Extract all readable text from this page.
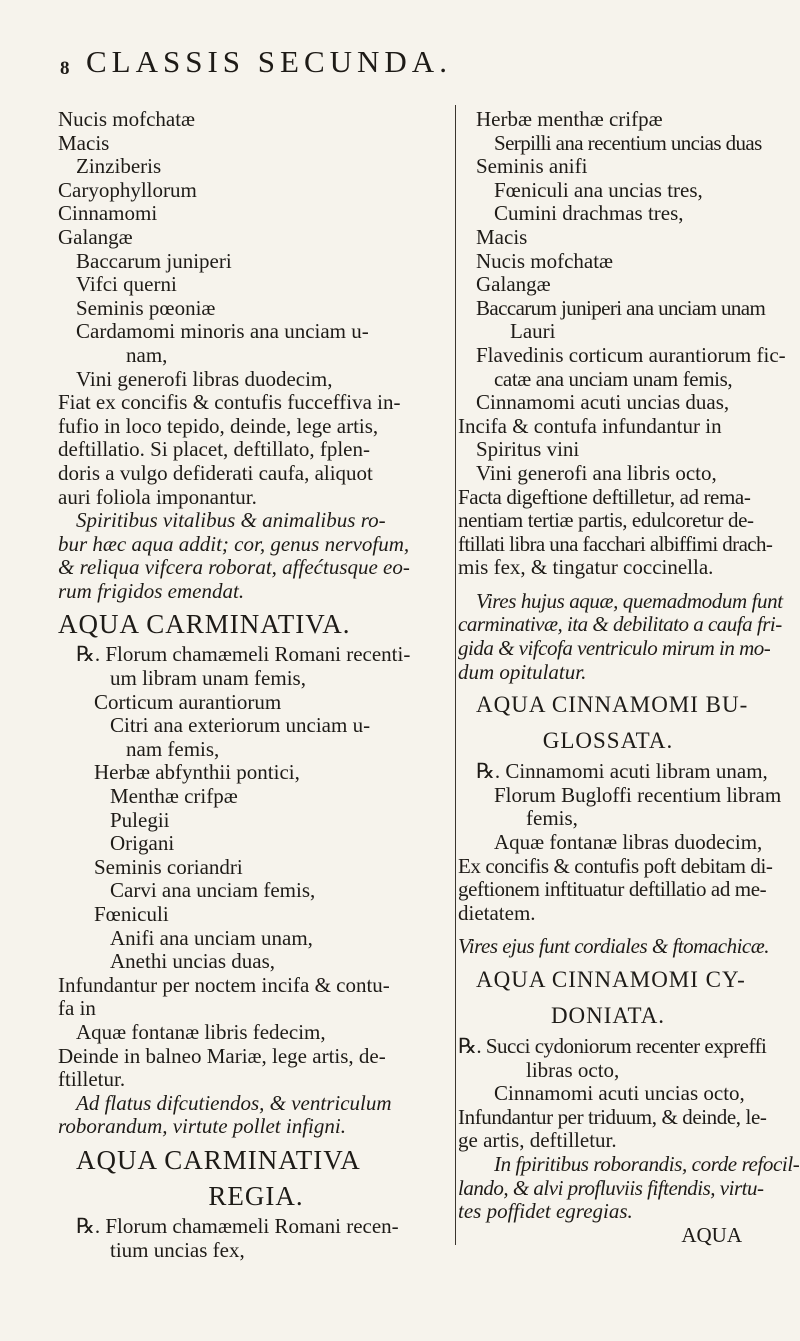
8 CLASSIS SECUNDA.
Nucis mofchatæ
Macis
Zinziberis
Caryophyllorum
Cinnamomi
Galangæ
Baccarum juniperi
Vifci querni
Seminis pœoniæ
Cardamomi minoris ana unciam u-
nam,
Vini generofi libras duodecim,
Fiat ex concifis & contufis fucceffiva in-
fufio in loco tepido, deinde, lege artis,
deftillatio. Si placet, deftillato, fplen-
doris a vulgo defiderati caufa, aliquot
auri foliola imponantur.
Spiritibus vitalibus & animalibus ro-
bur hæc aqua addit; cor, genus nervofum,
& reliqua vifcera roborat, affećtusque eo-
rum frigidos emendat.
AQUA CARMINATIVA.
℞. Florum chamæmeli Romani recenti-
um libram unam femis,
Corticum aurantiorum
Citri ana exteriorum unciam u-
nam femis,
Herbæ abfynthii pontici,
Menthæ crifpæ
Pulegii
Origani
Seminis coriandri
Carvi ana unciam femis,
Fœniculi
Anifi ana unciam unam,
Anethi uncias duas,
Infundantur per noctem incifa & contu-
fa in
Aquæ fontanæ libris fedecim,
Deinde in balneo Mariæ, lege artis, de-
ftilletur.
Ad flatus difcutiendos, & ventriculum
roborandum, virtute pollet infigni.
AQUA CARMINATIVA
REGIA.
℞. Florum chamæmeli Romani recen-
tium uncias fex,
Herbæ menthæ crifpæ
Serpilli ana recentium uncias duas
Seminis anifi
Fœniculi ana uncias tres,
Cumini drachmas tres,
Macis
Nucis mofchatæ
Galangæ
Baccarum juniperi ana unciam unam
Lauri
Flavedinis corticum aurantiorum fic-
catæ ana unciam unam femis,
Cinnamomi acuti uncias duas,
Incifa & contufa infundantur in
Spiritus vini
Vini generofi ana libris octo,
Facta digeftione deftilletur, ad rema-
nentiam tertiæ partis, edulcoretur de-
ftillati libra una facchari albiffimi drach-
mis fex, & tingatur coccinella.
Vires hujus aquæ, quemadmodum funt
carminativæ, ita & debilitato a caufa fri-
gida & vifcofa ventriculo mirum in mo-
dum opitulatur.
AQUA CINNAMOMI BU-
GLOSSATA.
℞. Cinnamomi acuti libram unam,
Florum Bugloffi recentium libram
femis,
Aquæ fontanæ libras duodecim,
Ex concifis & contufis poft debitam di-
geftionem inftituatur deftillatio ad me-
dietatem.
Vires ejus funt cordiales & ftomachicæ.
AQUA CINNAMOMI CY-
DONIATA.
℞. Succi cydoniorum recenter expreffi
libras octo,
Cinnamomi acuti uncias octo,
Infundantur per triduum, & deinde, le-
ge artis, deftilletur.
In fpiritibus roborandis, corde refocil-
lando, & alvi profluviis fiftendis, virtu-
tes poffidet egregias.
AQUA
